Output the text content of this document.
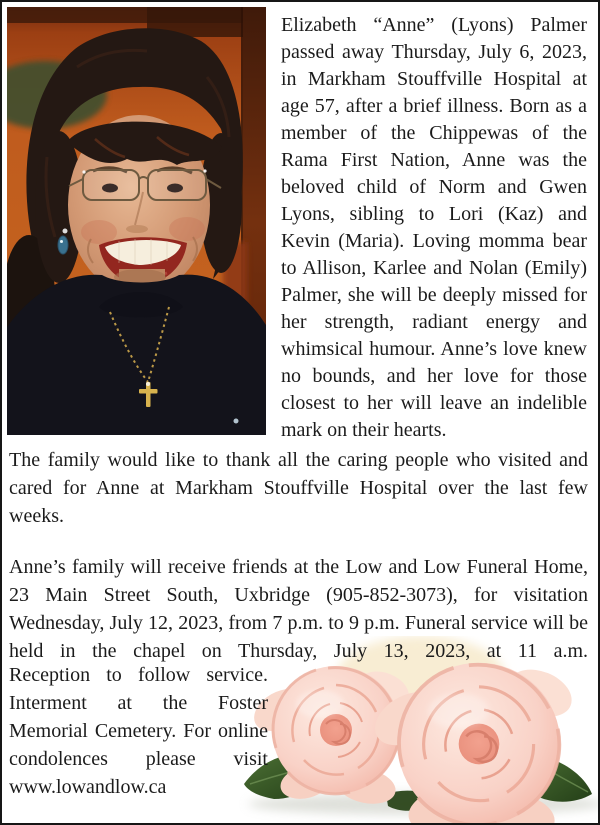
Elizabeth “Anne” (Lyons) Palmer passed away Thursday, July 6, 2023, in Markham Stouffville Hospital at age 57, after a brief illness. Born as a member of the Chippewas of the Rama First Nation, Anne was the beloved child of Norm and Gwen Lyons, sibling to Lori (Kaz) and Kevin (Maria). Loving momma bear to Allison, Karlee and Nolan (Emily) Palmer, she will be deeply missed for her strength, radiant energy and whimsical humour. Anne’s love knew no bounds, and her love for those closest to her will leave an indelible mark on their hearts.
The family would like to thank all the caring people who visited and cared for Anne at Markham Stouffville Hospital over the last few weeks.
Anne’s family will receive friends at the Low and Low Funeral Home, 23 Main Street South, Uxbridge (905-852-3073), for visitation Wednesday, July 12, 2023, from 7 p.m. to 9 p.m. Funeral service will be held in the chapel on Thursday, July 13, 2023, at 11 a.m.
Reception to follow service. Interment at the Foster Memorial Cemetery. For online condolences please visit www.lowandlow.ca
